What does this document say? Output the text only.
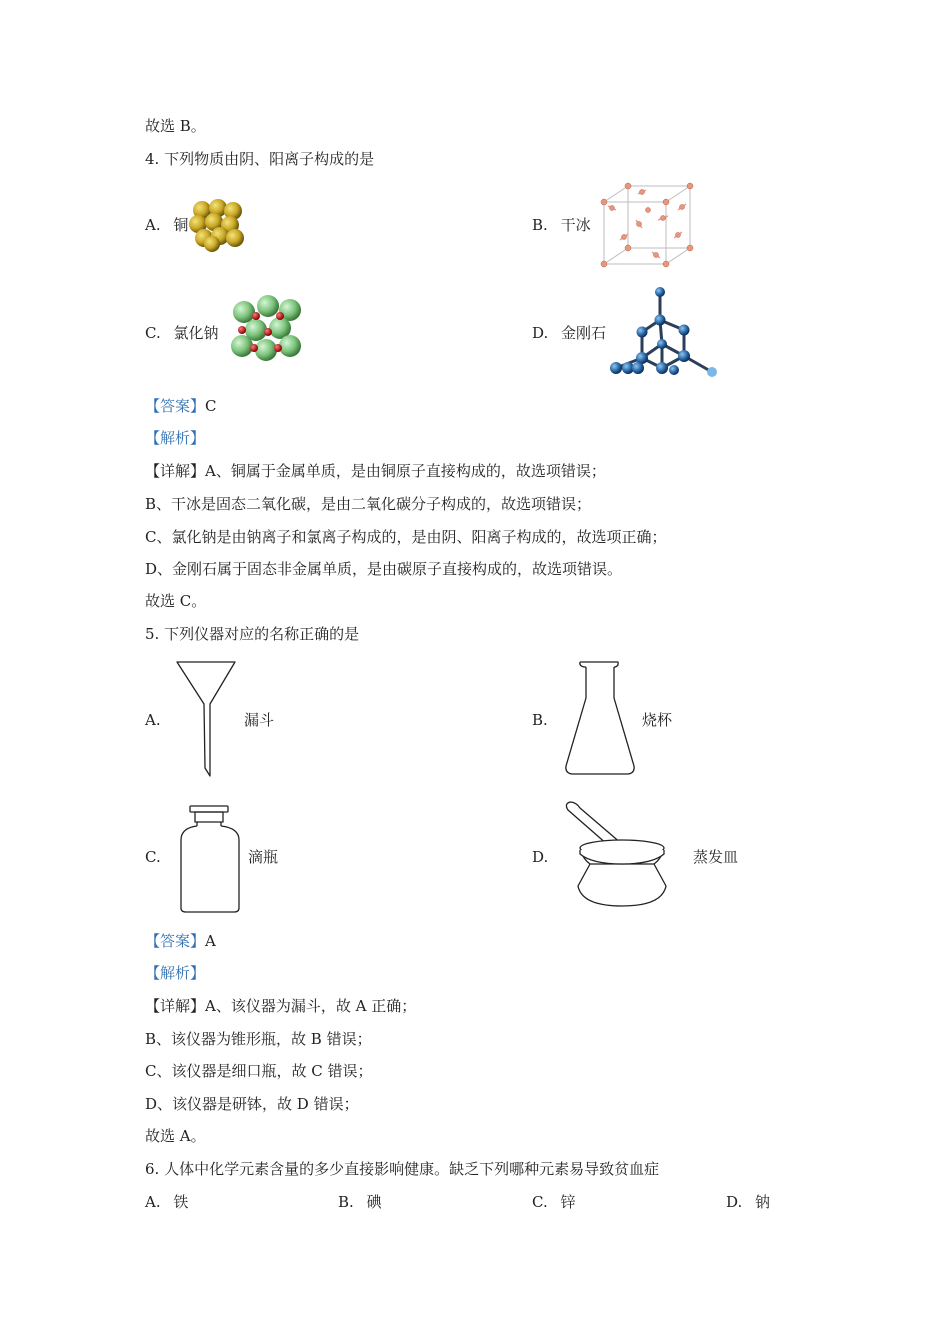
故选 B。
4. 下列物质由阴、阳离子构成的是
A. 铜	B. 干冰
C. 氯化钠	D. 金刚石
【答案】C
【解析】
【详解】A、铜属于金属单质，是由铜原子直接构成的，故选项错误；
B、干冰是固态二氧化碳，是由二氧化碳分子构成的，故选项错误；
C、氯化钠是由钠离子和氯离子构成的，是由阴、阳离子构成的，故选项正确；
D、金刚石属于固态非金属单质，是由碳原子直接构成的，故选项错误。
故选 C。
5. 下列仪器对应的名称正确的是
A.	漏斗	B.	烧杯
C.	滴瓶	D.	蒸发皿
【答案】A
【解析】
【详解】A、该仪器为漏斗，故 A 正确；
B、该仪器为锥形瓶，故 B 错误；
C、该仪器是细口瓶，故 C 错误；
D、该仪器是研钵，故 D 错误；
故选 A。
6. 人体中化学元素含量的多少直接影响健康。缺乏下列哪种元素易导致贫血症
A. 铁	B. 碘	C. 锌	D. 钠
